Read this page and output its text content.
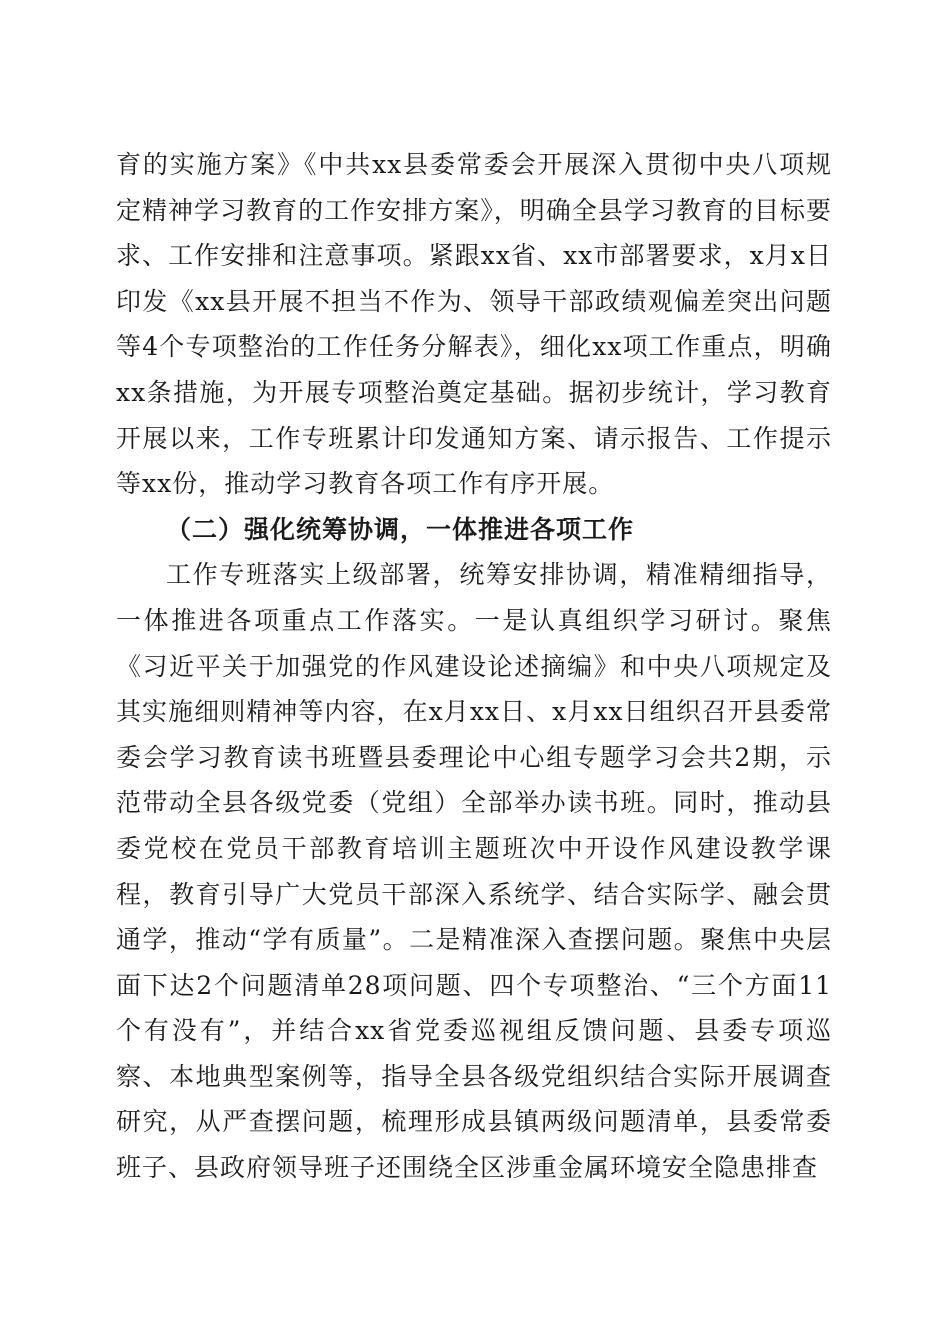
育的实施方案》《中共xx县委常委会开展深入贯彻中央八项规定精神学习教育的工作安排方案》，明确全县学习教育的目标要求、工作安排和注意事项。紧跟xx省、xx市部署要求，x月x日印发《xx县开展不担当不作为、领导干部政绩观偏差突出问题等4个专项整治的工作任务分解表》，细化xx项工作重点，明确xx条措施，为开展专项整治奠定基础。据初步统计，学习教育开展以来，工作专班累计印发通知方案、请示报告、工作提示等xx份，推动学习教育各项工作有序开展。

（二）强化统筹协调，一体推进各项工作

工作专班落实上级部署，统筹安排协调，精准精细指导，一体推进各项重点工作落实。一是认真组织学习研讨。聚焦《习近平关于加强党的作风建设论述摘编》和中央八项规定及其实施细则精神等内容，在x月xx日、x月xx日组织召开县委常委会学习教育读书班暨县委理论中心组专题学习会共2期，示范带动全县各级党委（党组）全部举办读书班。同时，推动县委党校在党员干部教育培训主题班次中开设作风建设教学课程，教育引导广大党员干部深入系统学、结合实际学、融会贯通学，推动“学有质量”。二是精准深入查摆问题。聚焦中央层面下达2个问题清单28项问题、四个专项整治、“三个方面11个有没有”，并结合xx省党委巡视组反馈问题、县委专项巡察、本地典型案例等，指导全县各级党组织结合实际开展调查研究，从严查摆问题，梳理形成县镇两级问题清单，县委常委班子、县政府领导班子还围绕全区涉重金属环境安全隐患排查
